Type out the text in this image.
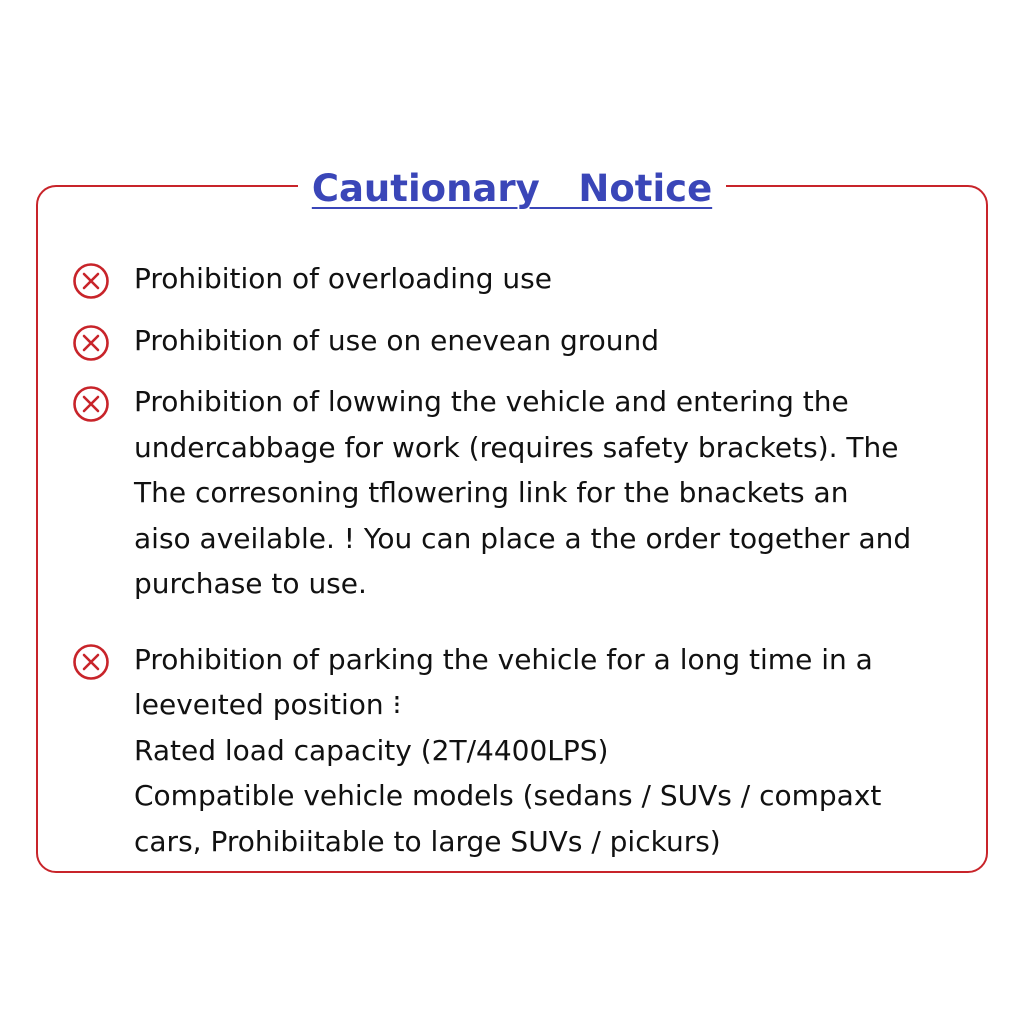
Cautionary   Notice
Prohibition of overloading use
Prohibition of use on enevean ground
Prohibition of lowwing the vehicle and entering the
undercabbage for work (requires safety brackets). The
The corresoning tflowering link for the bnackets an
aiso aveilable. ! You can place a the order together and
purchase to use.
Prohibition of parking the vehicle for a long time in a
leeveıted position ⁝
Rated load capacity (2T/4400LPS)
Compatible vehicle models (sedans / SUVs / compaxt
cars, Prohibiitable to large SUVs / pickurs)
